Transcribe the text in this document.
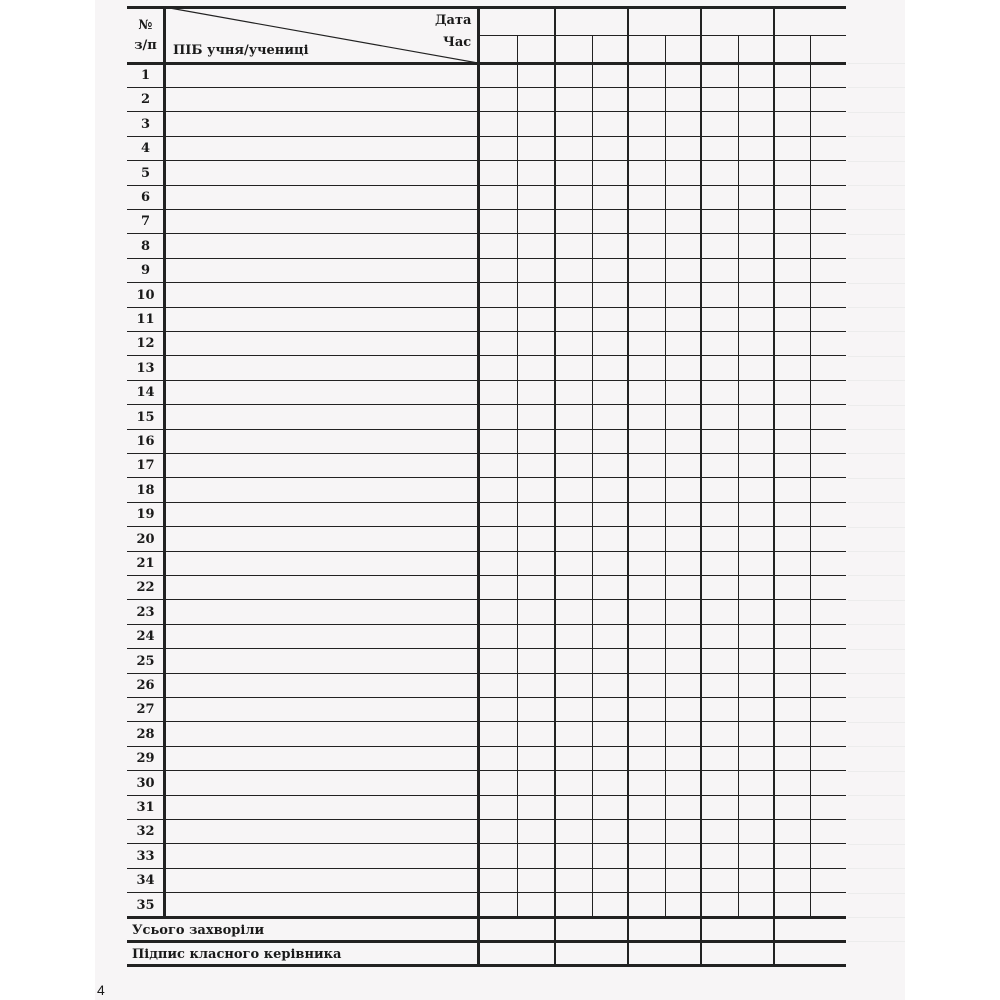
№
з/п
Дата
Час
ПІБ учня/учениці
Усього захворіли
Підпис класного керівника
1
2
3
4
5
6
7
8
9
10
11
12
13
14
15
16
17
18
19
20
21
22
23
24
25
26
27
28
29
30
31
32
33
34
35
4
